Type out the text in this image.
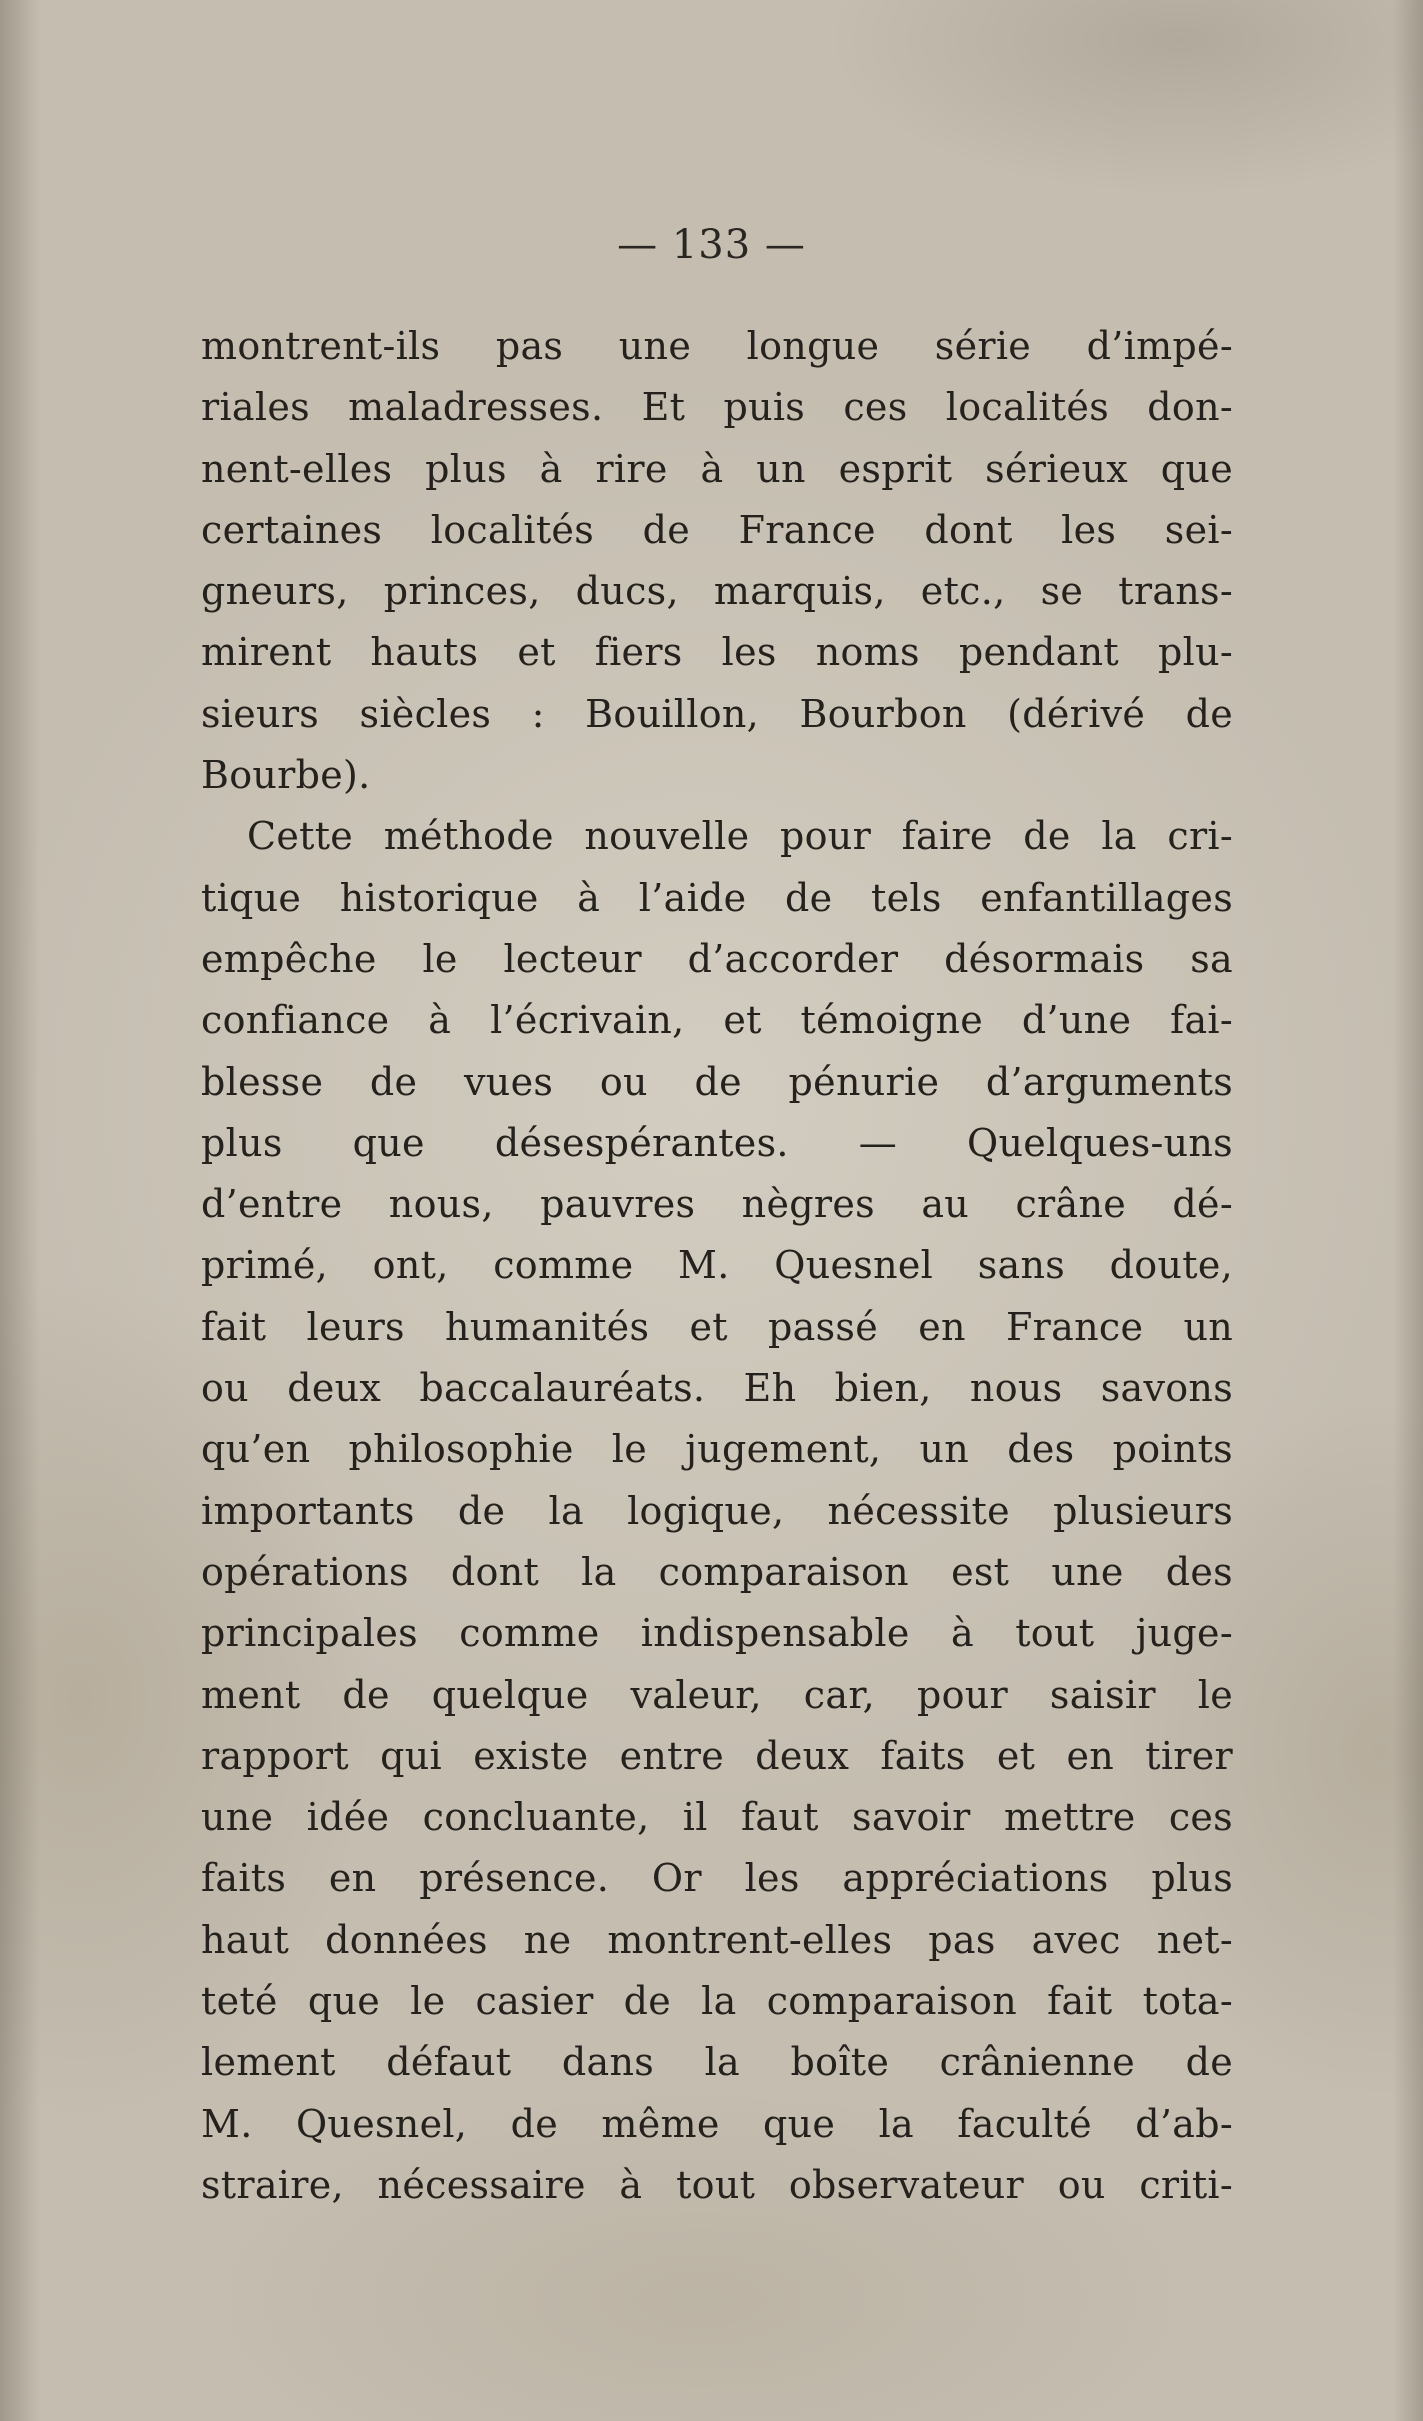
— 133 —
montrent-ils pas une longue série d’impé-
riales maladresses. Et puis ces localités don-
nent-elles plus à rire à un esprit sérieux que
certaines localités de France dont les sei-
gneurs, princes, ducs, marquis, etc., se trans-
mirent hauts et fiers les noms pendant plu-
sieurs siècles : Bouillon, Bourbon (dérivé de
Bourbe).
Cette méthode nouvelle pour faire de la cri-
tique historique à l’aide de tels enfantillages
empêche le lecteur d’accorder désormais sa
confiance à l’écrivain, et témoigne d’une fai-
blesse de vues ou de pénurie d’arguments
plus que désespérantes. — Quelques-uns
d’entre nous, pauvres nègres au crâne dé-
primé, ont, comme M. Quesnel sans doute,
fait leurs humanités et passé en France un
ou deux baccalauréats. Eh bien, nous savons
qu’en philosophie le jugement, un des points
importants de la logique, nécessite plusieurs
opérations dont la comparaison est une des
principales comme indispensable à tout juge-
ment de quelque valeur, car, pour saisir le
rapport qui existe entre deux faits et en tirer
une idée concluante, il faut savoir mettre ces
faits en présence. Or les appréciations plus
haut données ne montrent-elles pas avec net-
teté que le casier de la comparaison fait tota-
lement défaut dans la boîte crânienne de
M. Quesnel, de même que la faculté d’ab-
straire, nécessaire à tout observateur ou criti-
